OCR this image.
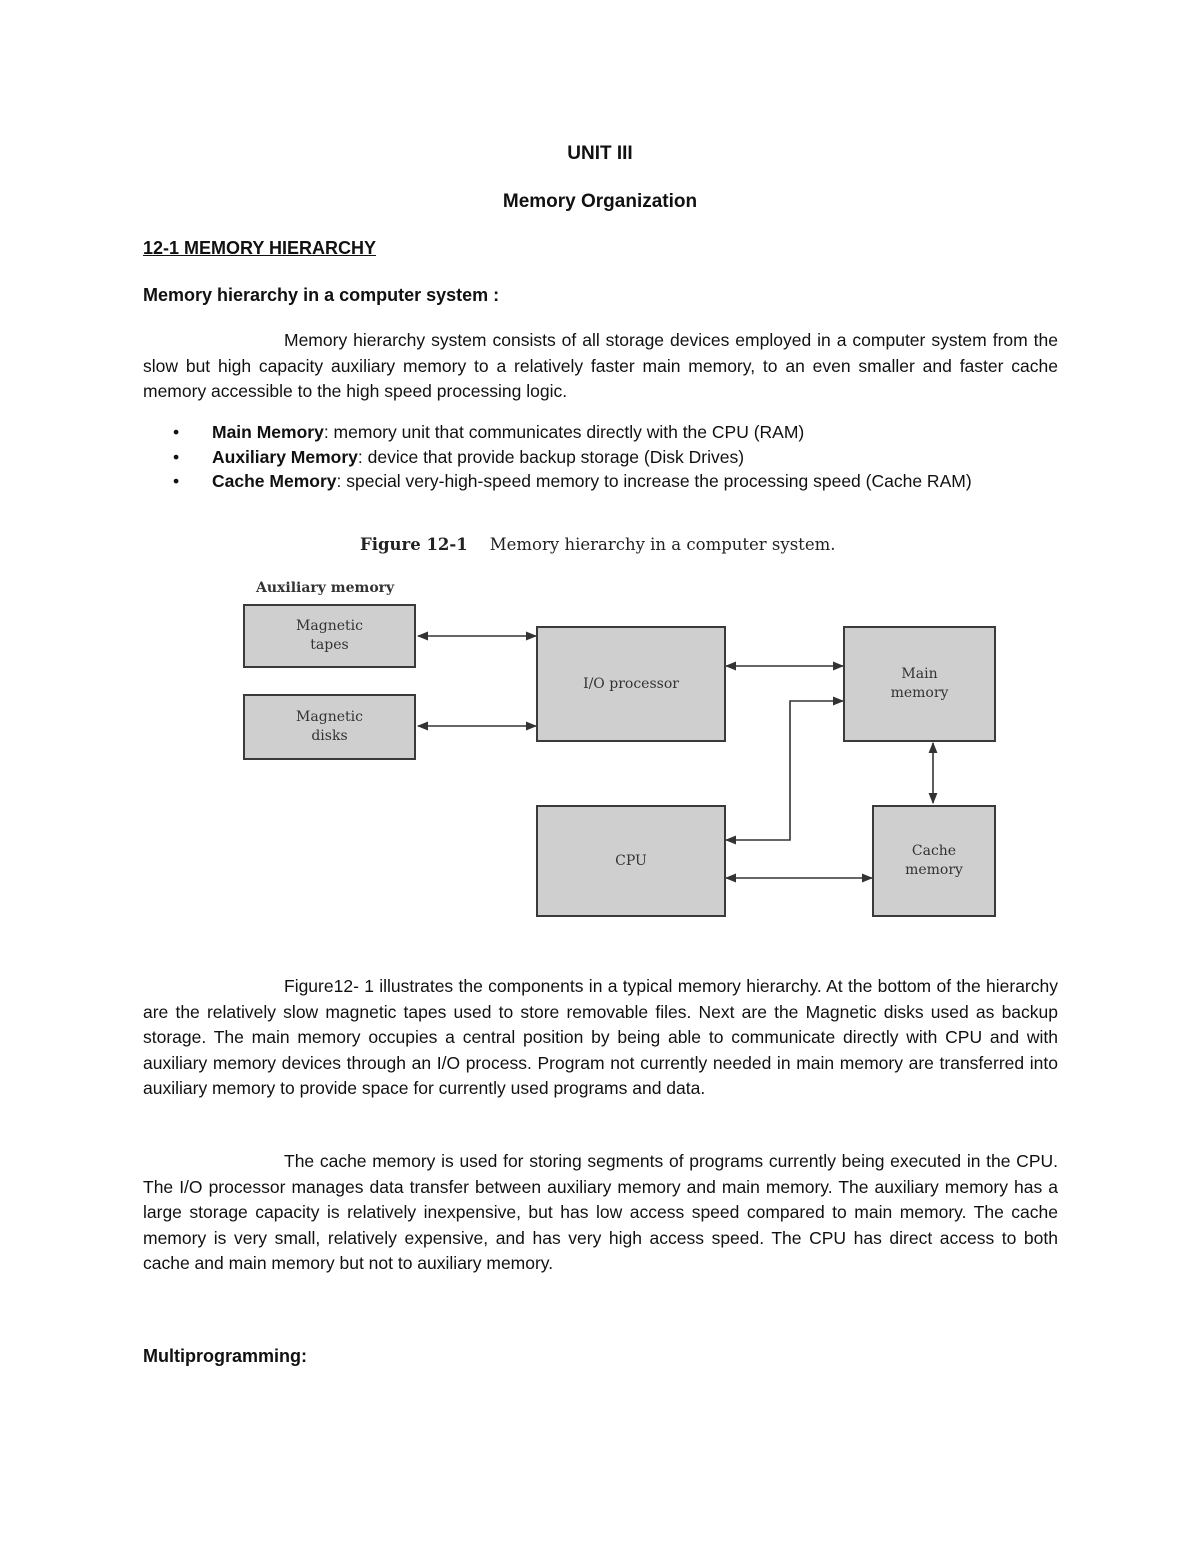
UNIT III
Memory Organization
12-1 MEMORY HIERARCHY
Memory hierarchy in a computer system :

Memory hierarchy system consists of all storage devices employed in a computer system from the slow but high capacity auxiliary memory to a relatively faster main memory, to an even smaller and faster cache memory accessible to the high speed processing logic.

• Main Memory: memory unit that communicates directly with the CPU (RAM)
• Auxiliary Memory: device that provide backup storage (Disk Drives)
• Cache Memory: special very-high-speed memory to increase the processing speed (Cache RAM)
Figure 12-1 Memory hierarchy in a computer system.
Auxiliary memory
Magnetic tapes
Magnetic disks
I/O processor
Main memory
CPU
Cache memory

Figure12- 1 illustrates the components in a typical memory hierarchy. At the bottom of the hierarchy are the relatively slow magnetic tapes used to store removable files. Next are the Magnetic disks used as backup storage. The main memory occupies a central position by being able to communicate directly with CPU and with auxiliary memory devices through an I/O process. Program not currently needed in main memory are transferred into auxiliary memory to provide space for currently used programs and data.

The cache memory is used for storing segments of programs currently being executed in the CPU. The I/O processor manages data transfer between auxiliary memory and main memory. The auxiliary memory has a large storage capacity is relatively inexpensive, but has low access speed compared to main memory. The cache memory is very small, relatively expensive, and has very high access speed. The CPU has direct access to both cache and main memory but not to auxiliary memory.

Multiprogramming:
